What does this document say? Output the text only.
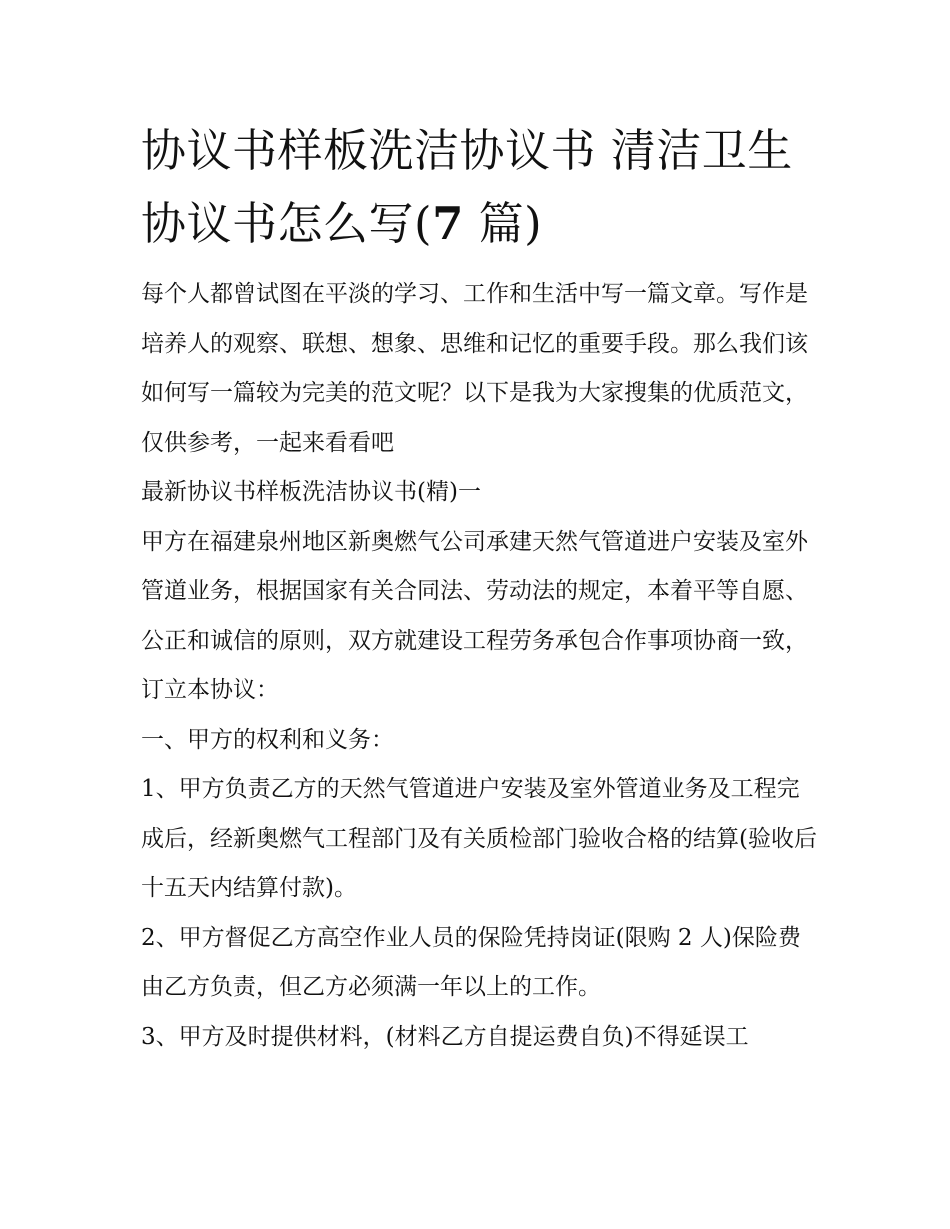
协议书样板洗洁协议书 清洁卫生协议书怎么写(7 篇)

每个人都曾试图在平淡的学习、工作和生活中写一篇文章。写作是培养人的观察、联想、想象、思维和记忆的重要手段。那么我们该如何写一篇较为完美的范文呢？以下是我为大家搜集的优质范文，仅供参考，一起来看看吧

最新协议书样板洗洁协议书(精)一

甲方在福建泉州地区新奥燃气公司承建天然气管道进户安装及室外管道业务，根据国家有关合同法、劳动法的规定，本着平等自愿、公正和诚信的原则，双方就建设工程劳务承包合作事项协商一致，订立本协议：

一、甲方的权利和义务：

1、甲方负责乙方的天然气管道进户安装及室外管道业务及工程完成后，经新奥燃气工程部门及有关质检部门验收合格的结算(验收后十五天内结算付款)。

2、甲方督促乙方高空作业人员的保险凭持岗证(限购 2 人)保险费由乙方负责，但乙方必须满一年以上的工作。

3、甲方及时提供材料，(材料乙方自提运费自负)不得延误工
